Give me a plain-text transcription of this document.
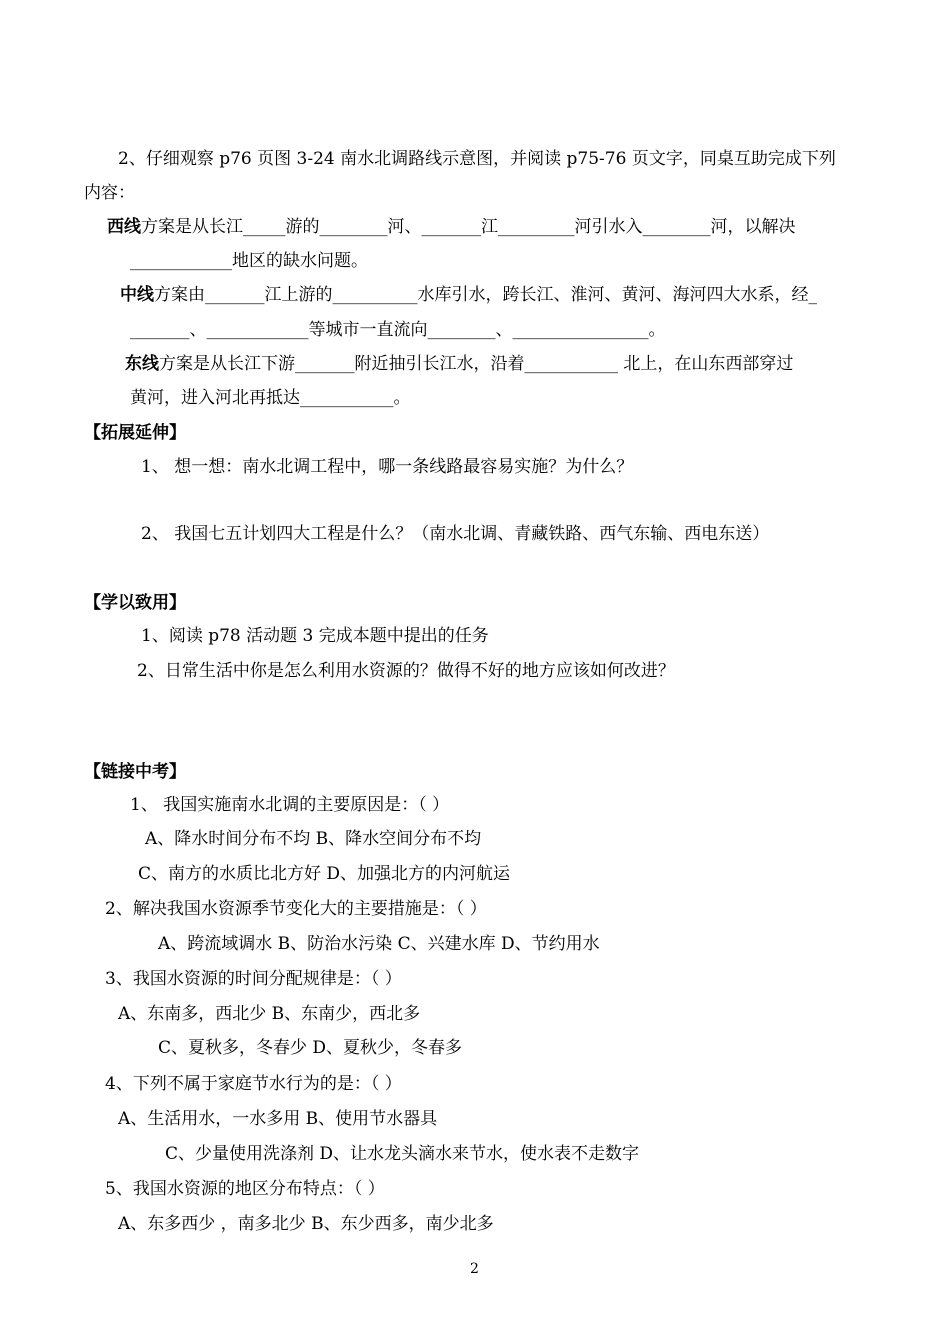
2、仔细观察 p76 页图 3-24 南水北调路线示意图，并阅读 p75-76 页文字，同桌互助完成下列
内容：
西线方案是从长江_____游的________河、_______江_________河引水入________河，以解决
____________地区的缺水问题。
中线方案由_______江上游的__________水库引水，跨长江、淮河、黄河、海河四大水系，经_
_______、____________等城市一直流向________、________________。
东线方案是从长江下游_______附近抽引长江水，沿着___________ 北上，在山东西部穿过
黄河，进入河北再抵达___________。
【拓展延伸】
1、 想一想：南水北调工程中，哪一条线路最容易实施？为什么？
2、 我国七五计划四大工程是什么？（南水北调、青藏铁路、西气东输、西电东送）
【学以致用】
1、阅读 p78 活动题 3 完成本题中提出的任务
2、日常生活中你是怎么利用水资源的？做得不好的地方应该如何改进？
【链接中考】
1、 我国实施南水北调的主要原因是：（ ）
A、降水时间分布不均 B、降水空间分布不均
C、南方的水质比北方好 D、加强北方的内河航运
2、解决我国水资源季节变化大的主要措施是：（ ）
A、跨流域调水 B、防治水污染 C、兴建水库 D、节约用水
3、我国水资源的时间分配规律是：（ ）
A、东南多，西北少 B、东南少，西北多
C、夏秋多，冬春少 D、夏秋少，冬春多
4、下列不属于家庭节水行为的是：（ ）
A、生活用水，一水多用 B、使用节水器具
C、少量使用洗涤剂 D、让水龙头滴水来节水，使水表不走数字
5、我国水资源的地区分布特点：（ ）
A、东多西少 ，南多北少 B、东少西多，南少北多
2
